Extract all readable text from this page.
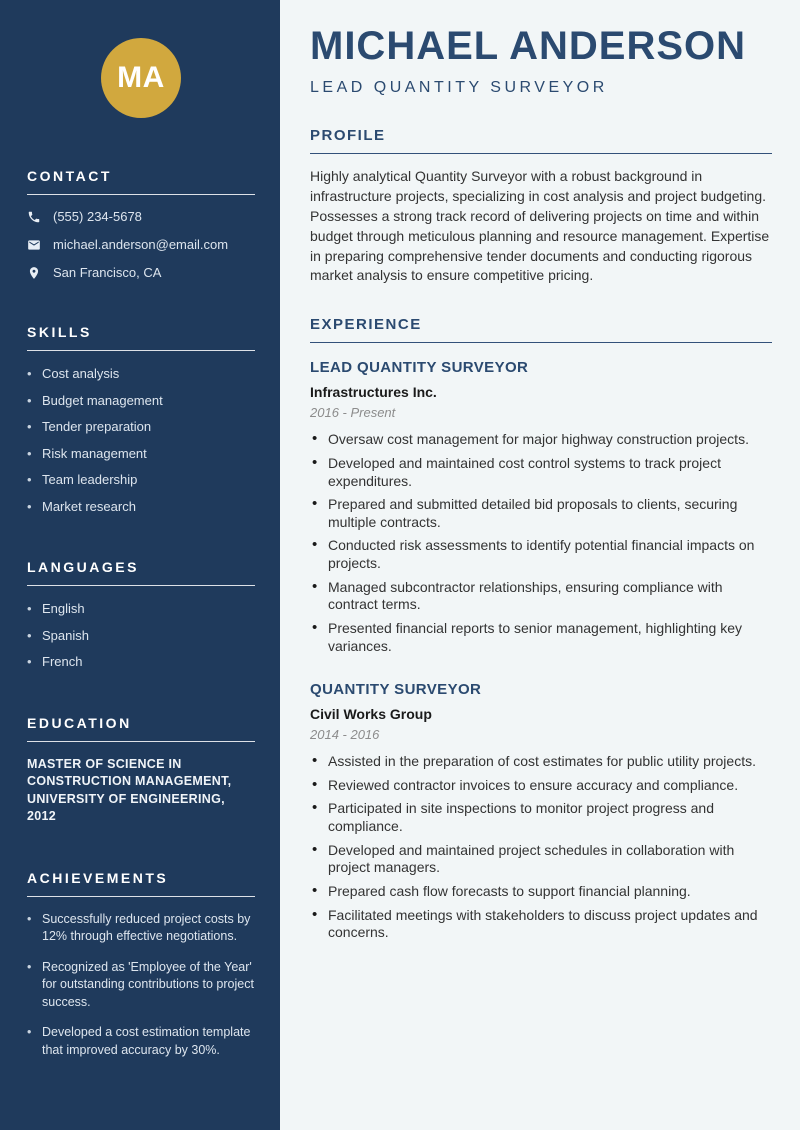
MA
CONTACT
(555) 234-5678
michael.anderson@email.com
San Francisco, CA
SKILLS
• Cost analysis
• Budget management
• Tender preparation
• Risk management
• Team leadership
• Market research
LANGUAGES
• English
• Spanish
• French
EDUCATION
MASTER OF SCIENCE IN CONSTRUCTION MANAGEMENT, UNIVERSITY OF ENGINEERING, 2012
ACHIEVEMENTS
• Successfully reduced project costs by 12% through effective negotiations.
• Recognized as 'Employee of the Year' for outstanding contributions to project success.
• Developed a cost estimation template that improved accuracy by 30%.
MICHAEL ANDERSON
LEAD QUANTITY SURVEYOR
PROFILE

Highly analytical Quantity Surveyor with a robust background in infrastructure projects, specializing in cost analysis and project budgeting. Possesses a strong track record of delivering projects on time and within budget through meticulous planning and resource management. Expertise in preparing comprehensive tender documents and conducting rigorous market analysis to ensure competitive pricing.

EXPERIENCE
LEAD QUANTITY SURVEYOR
Infrastructures Inc.
2016 - Present
• Oversaw cost management for major highway construction projects.
• Developed and maintained cost control systems to track project expenditures.
• Prepared and submitted detailed bid proposals to clients, securing multiple contracts.
• Conducted risk assessments to identify potential financial impacts on projects.
• Managed subcontractor relationships, ensuring compliance with contract terms.
• Presented financial reports to senior management, highlighting key variances.
QUANTITY SURVEYOR
Civil Works Group
2014 - 2016
• Assisted in the preparation of cost estimates for public utility projects.
• Reviewed contractor invoices to ensure accuracy and compliance.
• Participated in site inspections to monitor project progress and compliance.
• Developed and maintained project schedules in collaboration with project managers.
• Prepared cash flow forecasts to support financial planning.
• Facilitated meetings with stakeholders to discuss project updates and concerns.
